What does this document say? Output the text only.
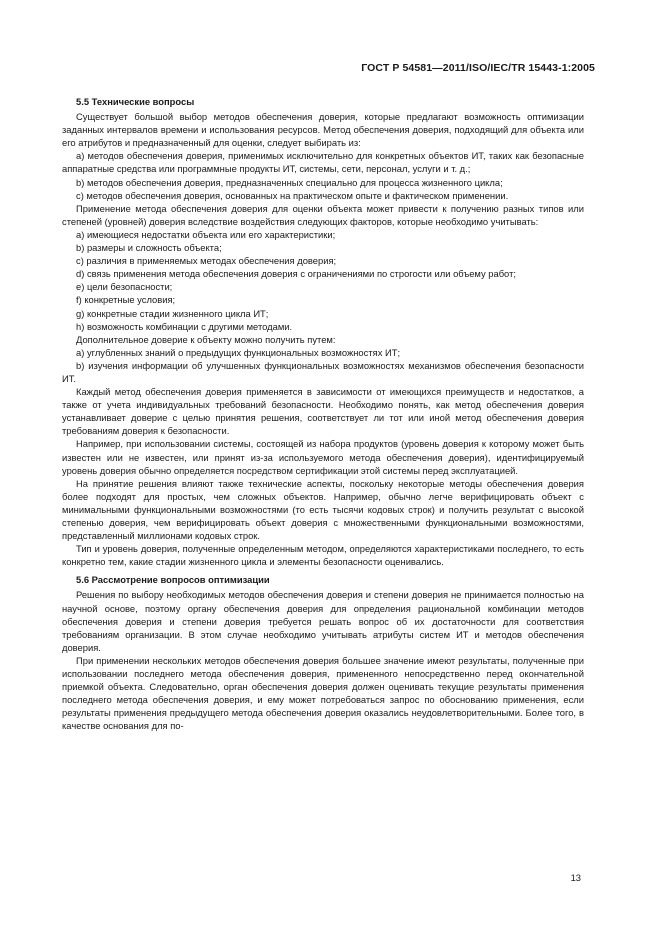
ГОСТ Р 54581—2011/ISO/IEC/TR 15443-1:2005

5.5 Технические вопросы

Существует большой выбор методов обеспечения доверия, которые предлагают возможность оптимизации заданных интервалов времени и использования ресурсов. Метод обеспечения доверия, подходящий для объекта или его атрибутов и предназначенный для оценки, следует выбирать из:

a) методов обеспечения доверия, применимых исключительно для конкретных объектов ИТ, таких как безопасные аппаратные средства или программные продукты ИТ, системы, сети, персонал, услуги и т. д.;

b) методов обеспечения доверия, предназначенных специально для процесса жизненного цикла;

c) методов обеспечения доверия, основанных на практическом опыте и фактическом применении.

Применение метода обеспечения доверия для оценки объекта может привести к получению разных типов или степеней (уровней) доверия вследствие воздействия следующих факторов, которые необходимо учитывать:

a) имеющиеся недостатки объекта или его характеристики;

b) размеры и сложность объекта;

c) различия в применяемых методах обеспечения доверия;

d) связь применения метода обеспечения доверия с ограничениями по строгости или объему работ;

e) цели безопасности;

f) конкретные условия;

g) конкретные стадии жизненного цикла ИТ;

h) возможность комбинации с другими методами.

Дополнительное доверие к объекту можно получить путем:

a) углубленных знаний о предыдущих функциональных возможностях ИТ;

b) изучения информации об улучшенных функциональных возможностях механизмов обеспечения безопасности ИТ.

Каждый метод обеспечения доверия применяется в зависимости от имеющихся преимуществ и недостатков, а также от учета индивидуальных требований безопасности. Необходимо понять, как метод обеспечения доверия устанавливает доверие с целью принятия решения, соответствует ли тот или иной метод обеспечения доверия требованиям доверия к безопасности.

Например, при использовании системы, состоящей из набора продуктов (уровень доверия к которому может быть известен или не известен, или принят из-за используемого метода обеспечения доверия), идентифицируемый уровень доверия обычно определяется посредством сертификации этой системы перед эксплуатацией.

На принятие решения влияют также технические аспекты, поскольку некоторые методы обеспечения доверия более подходят для простых, чем сложных объектов. Например, обычно легче верифицировать объект с минимальными функциональными возможностями (то есть тысячи кодовых строк) и получить результат с высокой степенью доверия, чем верифицировать объект доверия с множественными функциональными возможностями, представленный миллионами кодовых строк.

Тип и уровень доверия, полученные определенным методом, определяются характеристиками последнего, то есть конкретно тем, какие стадии жизненного цикла и элементы безопасности оценивались.

5.6 Рассмотрение вопросов оптимизации

Решения по выбору необходимых методов обеспечения доверия и степени доверия не принимается полностью на научной основе, поэтому органу обеспечения доверия для определения рациональной комбинации методов обеспечения доверия и степени доверия требуется решать вопрос об их достаточности для соответствия требованиям организации. В этом случае необходимо учитывать атрибуты систем ИТ и методов обеспечения доверия.

При применении нескольких методов обеспечения доверия большее значение имеют результаты, полученные при использовании последнего метода обеспечения доверия, примененного непосредственно перед окончательной приемкой объекта. Следовательно, орган обеспечения доверия должен оценивать текущие результаты применения последнего метода обеспечения доверия, и ему может потребоваться запрос по обоснованию применения, если результаты применения предыдущего метода обеспечения доверия оказались неудовлетворительными. Более того, в качестве основания для по-

13
